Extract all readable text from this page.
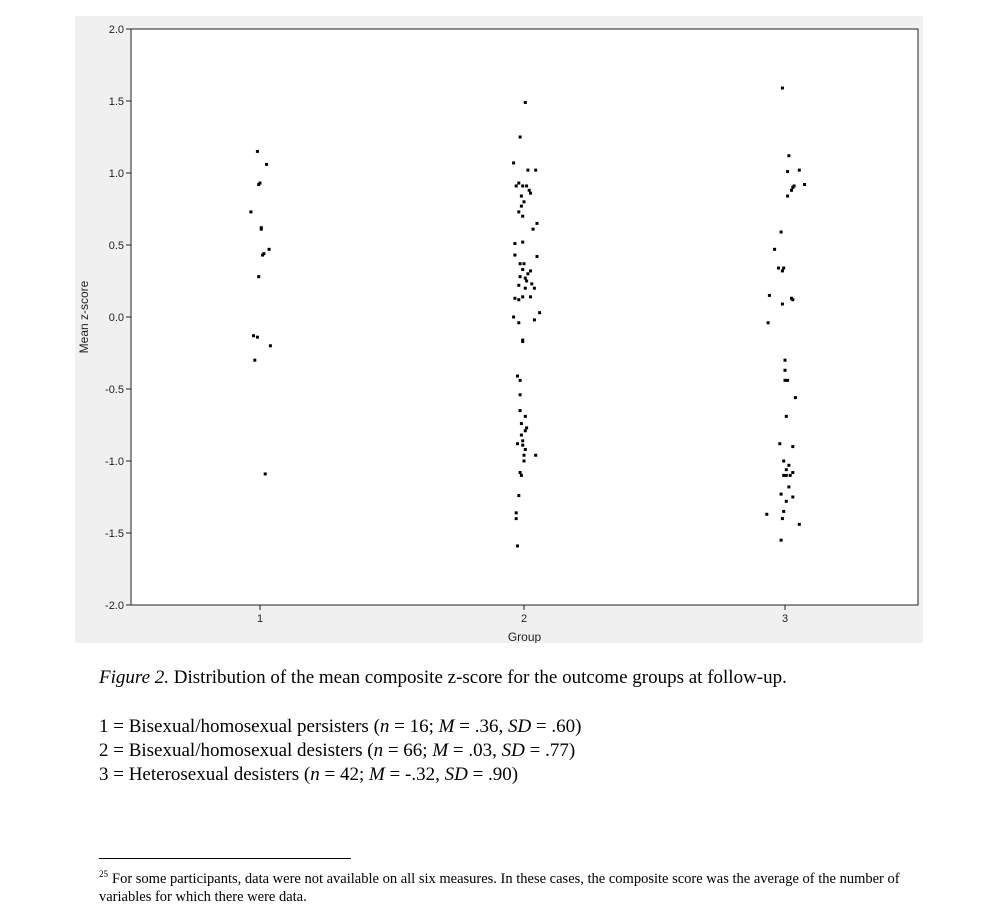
2.0
1.5
1.0
0.5
0.0
-0.5
-1.0
-1.5
-2.0
1	2	3
Group
Mean z-score
Figure 2. Distribution of the mean composite z-score for the outcome groups at follow-up.
1 = Bisexual/homosexual persisters (n = 16; M = .36, SD = .60)
2 = Bisexual/homosexual desisters (n = 66; M = .03, SD = .77)
3 = Heterosexual desisters (n = 42; M = -.32, SD = .90)
$^{25}$ For some participants, data were not available on all six measures. In these cases, the composite score was the average of the number of variables for which there were data.
